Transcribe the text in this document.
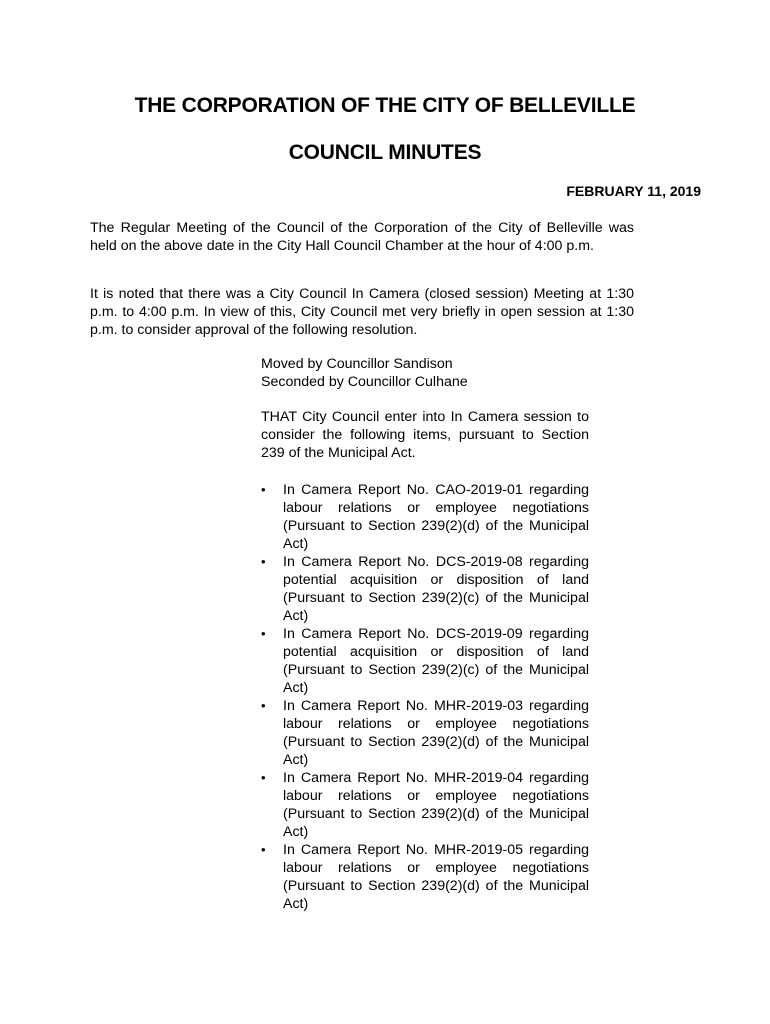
THE CORPORATION OF THE CITY OF BELLEVILLE
COUNCIL MINUTES

FEBRUARY 11, 2019

The Regular Meeting of the Council of the Corporation of the City of Belleville was held on the above date in the City Hall Council Chamber at the hour of 4:00 p.m.

It is noted that there was a City Council In Camera (closed session) Meeting at 1:30 p.m. to 4:00 p.m. In view of this, City Council met very briefly in open session at 1:30 p.m. to consider approval of the following resolution.

Moved by Councillor Sandison

Seconded by Councillor Culhane

THAT City Council enter into In Camera session to consider the following items, pursuant to Section 239 of the Municipal Act.

•	In Camera Report No. CAO-2019-01 regarding labour relations or employee negotiations (Pursuant to Section 239(2)(d) of the Municipal Act)
•	In Camera Report No. DCS-2019-08 regarding potential acquisition or disposition of land (Pursuant to Section 239(2)(c) of the Municipal Act)
•	In Camera Report No. DCS-2019-09 regarding potential acquisition or disposition of land (Pursuant to Section 239(2)(c) of the Municipal Act)
•	In Camera Report No. MHR-2019-03 regarding labour relations or employee negotiations (Pursuant to Section 239(2)(d) of the Municipal Act)
•	In Camera Report No. MHR-2019-04 regarding labour relations or employee negotiations (Pursuant to Section 239(2)(d) of the Municipal Act)
•	In Camera Report No. MHR-2019-05 regarding labour relations or employee negotiations (Pursuant to Section 239(2)(d) of the Municipal Act)
